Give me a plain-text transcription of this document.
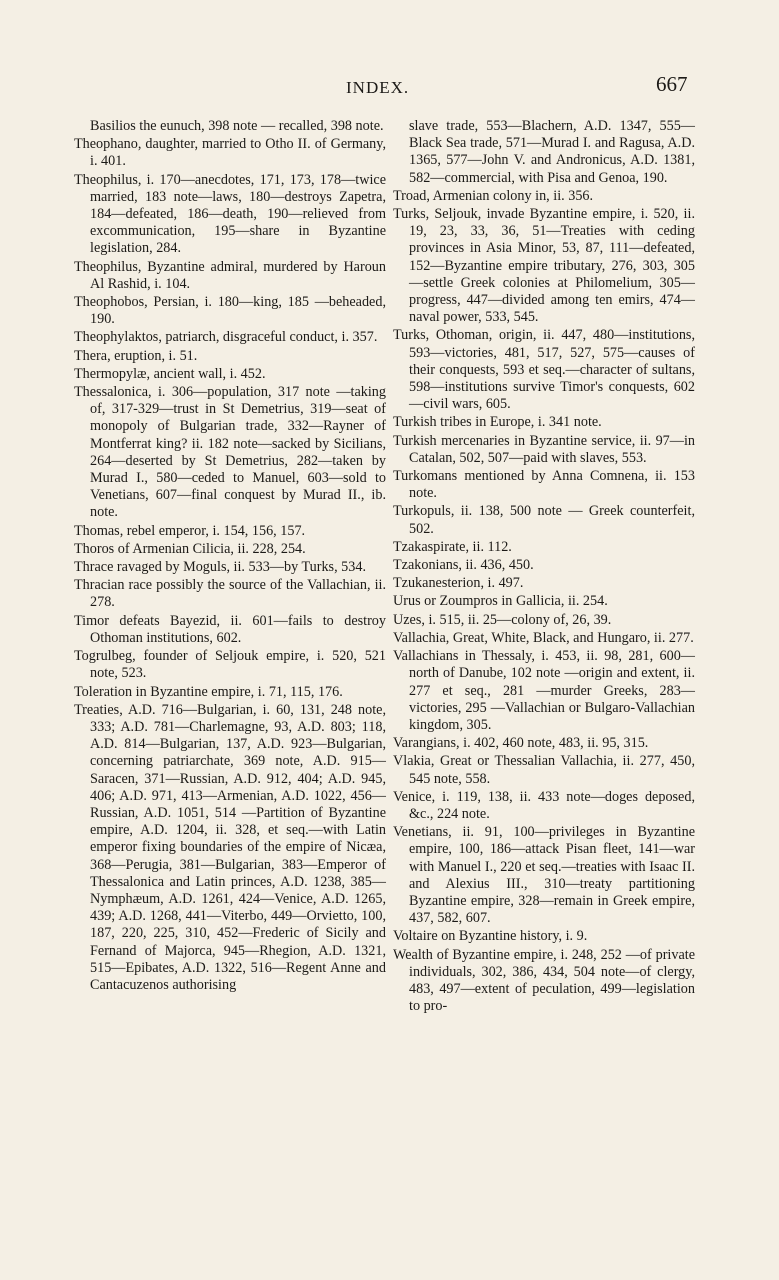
INDEX.	667
Basilios the eunuch, 398 note — recalled, 398 note.
Theophano, daughter, married to Otho II. of Germany, i. 401.
Theophilus, i. 170—anecdotes, 171, 173, 178—twice married, 183 note—laws, 180—destroys Zapetra, 184—defeated, 186—death, 190—relieved from excommunication, 195—share in Byzantine legislation, 284.
Theophilus, Byzantine admiral, murdered by Haroun Al Rashid, i. 104.
Theophobos, Persian, i. 180—king, 185 —beheaded, 190.
Theophylaktos, patriarch, disgraceful conduct, i. 357.
Thera, eruption, i. 51.
Thermopylæ, ancient wall, i. 452.
Thessalonica, i. 306—population, 317 note —taking of, 317-329—trust in St Demetrius, 319—seat of monopoly of Bulgarian trade, 332—Rayner of Montferrat king? ii. 182 note—sacked by Sicilians, 264—deserted by St Demetrius, 282—taken by Murad I., 580—ceded to Manuel, 603—sold to Venetians, 607—final conquest by Murad II., ib. note.
Thomas, rebel emperor, i. 154, 156, 157.
Thoros of Armenian Cilicia, ii. 228, 254.
Thrace ravaged by Moguls, ii. 533—by Turks, 534.
Thracian race possibly the source of the Vallachian, ii. 278.
Timor defeats Bayezid, ii. 601—fails to destroy Othoman institutions, 602.
Togrulbeg, founder of Seljouk empire, i. 520, 521 note, 523.
Toleration in Byzantine empire, i. 71, 115, 176.
Treaties, A.D. 716—Bulgarian, i. 60, 131, 248 note, 333; A.D. 781—Charlemagne, 93, A.D. 803; 118, A.D. 814—Bulgarian, 137, A.D. 923—Bulgarian, concerning patriarchate, 369 note, A.D. 915—Saracen, 371—Russian, A.D. 912, 404; A.D. 945, 406; A.D. 971, 413—Armenian, A.D. 1022, 456—Russian, A.D. 1051, 514 —Partition of Byzantine empire, A.D. 1204, ii. 328, et seq.—with Latin emperor fixing boundaries of the empire of Nicæa, 368—Perugia, 381—Bulgarian, 383—Emperor of Thessalonica and Latin princes, A.D. 1238, 385—Nymphæum, A.D. 1261, 424—Venice, A.D. 1265, 439; A.D. 1268, 441—Viterbo, 449—Orvietto, 100, 187, 220, 225, 310, 452—Frederic of Sicily and Fernand of Majorca, 945—Rhegion, A.D. 1321, 515—Epibates, A.D. 1322, 516—Regent Anne and Cantacuzenos authorising
slave trade, 553—Blachern, A.D. 1347, 555—Black Sea trade, 571—Murad I. and Ragusa, A.D. 1365, 577—John V. and Andronicus, A.D. 1381, 582—commercial, with Pisa and Genoa, 190.
Troad, Armenian colony in, ii. 356.
Turks, Seljouk, invade Byzantine empire, i. 520, ii. 19, 23, 33, 36, 51—Treaties with ceding provinces in Asia Minor, 53, 87, 111—defeated, 152—Byzantine empire tributary, 276, 303, 305—settle Greek colonies at Philomelium, 305—progress, 447—divided among ten emirs, 474—naval power, 533, 545.
Turks, Othoman, origin, ii. 447, 480—institutions, 593—victories, 481, 517, 527, 575—causes of their conquests, 593 et seq.—character of sultans, 598—institutions survive Timor's conquests, 602—civil wars, 605.
Turkish tribes in Europe, i. 341 note.
Turkish mercenaries in Byzantine service, ii. 97—in Catalan, 502, 507—paid with slaves, 553.
Turkomans mentioned by Anna Comnena, ii. 153 note.
Turkopuls, ii. 138, 500 note — Greek counterfeit, 502.
Tzakaspirate, ii. 112.
Tzakonians, ii. 436, 450.
Tzukanesterion, i. 497.
Urus or Zoumpros in Gallicia, ii. 254.
Uzes, i. 515, ii. 25—colony of, 26, 39.
Vallachia, Great, White, Black, and Hungaro, ii. 277.
Vallachians in Thessaly, i. 453, ii. 98, 281, 600—north of Danube, 102 note —origin and extent, ii. 277 et seq., 281 —murder Greeks, 283—victories, 295 —Vallachian or Bulgaro-Vallachian kingdom, 305.
Varangians, i. 402, 460 note, 483, ii. 95, 315.
Vlakia, Great or Thessalian Vallachia, ii. 277, 450, 545 note, 558.
Venice, i. 119, 138, ii. 433 note—doges deposed, &c., 224 note.
Venetians, ii. 91, 100—privileges in Byzantine empire, 100, 186—attack Pisan fleet, 141—war with Manuel I., 220 et seq.—treaties with Isaac II. and Alexius III., 310—treaty partitioning Byzantine empire, 328—remain in Greek empire, 437, 582, 607.
Voltaire on Byzantine history, i. 9.
Wealth of Byzantine empire, i. 248, 252 —of private individuals, 302, 386, 434, 504 note—of clergy, 483, 497—extent of peculation, 499—legislation to pro-
